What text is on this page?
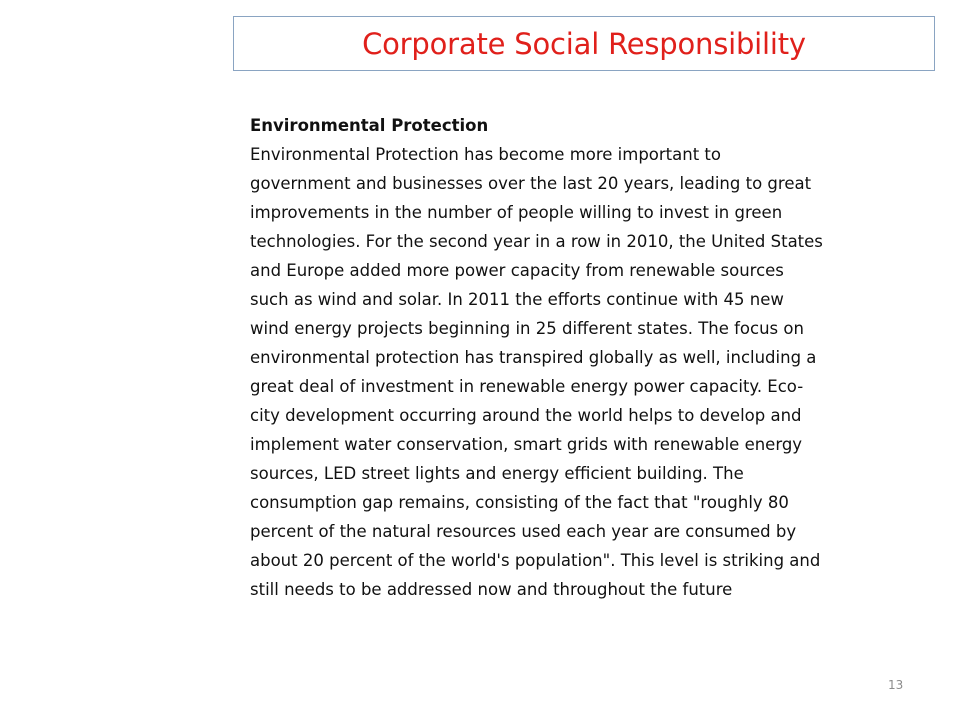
Corporate Social Responsibility
Environmental Protection
Environmental Protection has become more important to
government and businesses over the last 20 years, leading to great
improvements in the number of people willing to invest in green
technologies. For the second year in a row in 2010, the United States
and Europe added more power capacity from renewable sources
such as wind and solar. In 2011 the efforts continue with 45 new
wind energy projects beginning in 25 different states. The focus on
environmental protection has transpired globally as well, including a
great deal of investment in renewable energy power capacity. Eco-
city development occurring around the world helps to develop and
implement water conservation, smart grids with renewable energy
sources, LED street lights and energy efficient building. The
consumption gap remains, consisting of the fact that "roughly 80
percent of the natural resources used each year are consumed by
about 20 percent of the world's population". This level is striking and
still needs to be addressed now and throughout the future
13
